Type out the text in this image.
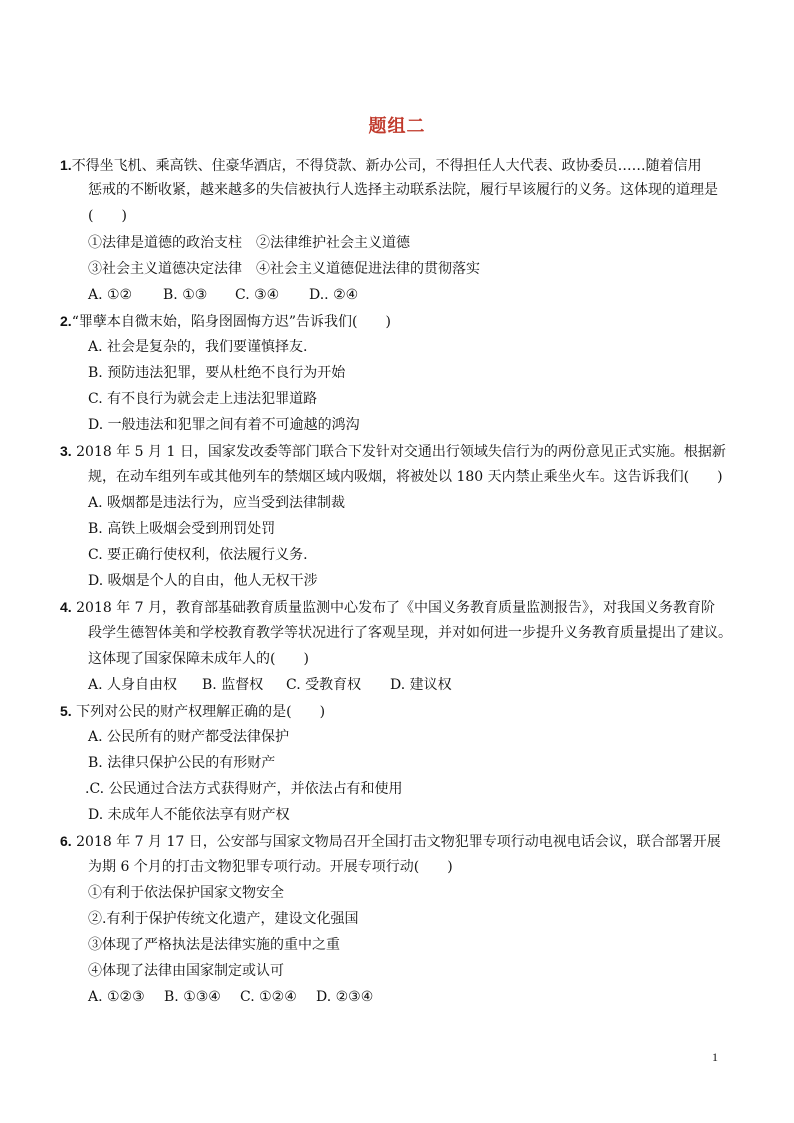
题组二
1.不得坐飞机、乘高铁、住豪华酒店，不得贷款、新办公司，不得担任人大代表、政协委员……随着信用
惩戒的不断收紧，越来越多的失信被执行人选择主动联系法院，履行早该履行的义务。这体现的道理是
(　　)
①法律是道德的政治支柱 ②法律维护社会主义道德
③社会主义道德决定法律 ④社会主义道德促进法律的贯彻落实
A. ①② B. ①③ C. ③④ D.. ②④
2.“罪孽本自微末始，陷身囹圄悔方迟”告诉我们(　　)
A. 社会是复杂的，我们要谨慎择友.
B. 预防违法犯罪，要从杜绝不良行为开始
C. 有不良行为就会走上违法犯罪道路
D. 一般违法和犯罪之间有着不可逾越的鸿沟
3. 2018 年 5 月 1 日，国家发改委等部门联合下发针对交通出行领域失信行为的两份意见正式实施。根据新
规，在动车组列车或其他列车的禁烟区域内吸烟，将被处以 180 天内禁止乘坐火车。这告诉我们(　　)
A. 吸烟都是违法行为，应当受到法律制裁
B. 高铁上吸烟会受到刑罚处罚
C. 要正确行使权利，依法履行义务.
D. 吸烟是个人的自由，他人无权干涉
4. 2018 年 7 月，教育部基础教育质量监测中心发布了《中国义务教育质量监测报告》，对我国义务教育阶
段学生德智体美和学校教育教学等状况进行了客观呈现，并对如何进一步提升义务教育质量提出了建议。
这体现了国家保障未成年人的(　　)
A. 人身自由权 B. 监督权 C. 受教育权 D. 建议权
5. 下列对公民的财产权理解正确的是(　　)
A. 公民所有的财产都受法律保护
B. 法律只保护公民的有形财产
.C. 公民通过合法方式获得财产，并依法占有和使用
D. 未成年人不能依法享有财产权
6. 2018 年 7 月 17 日，公安部与国家文物局召开全国打击文物犯罪专项行动电视电话会议，联合部署开展
为期 6 个月的打击文物犯罪专项行动。开展专项行动(　　)
①有利于依法保护国家文物安全
②.有利于保护传统文化遗产，建设文化强国
③体现了严格执法是法律实施的重中之重
④体现了法律由国家制定或认可
A. ①②③ B. ①③④ C. ①②④ D. ②③④
1
